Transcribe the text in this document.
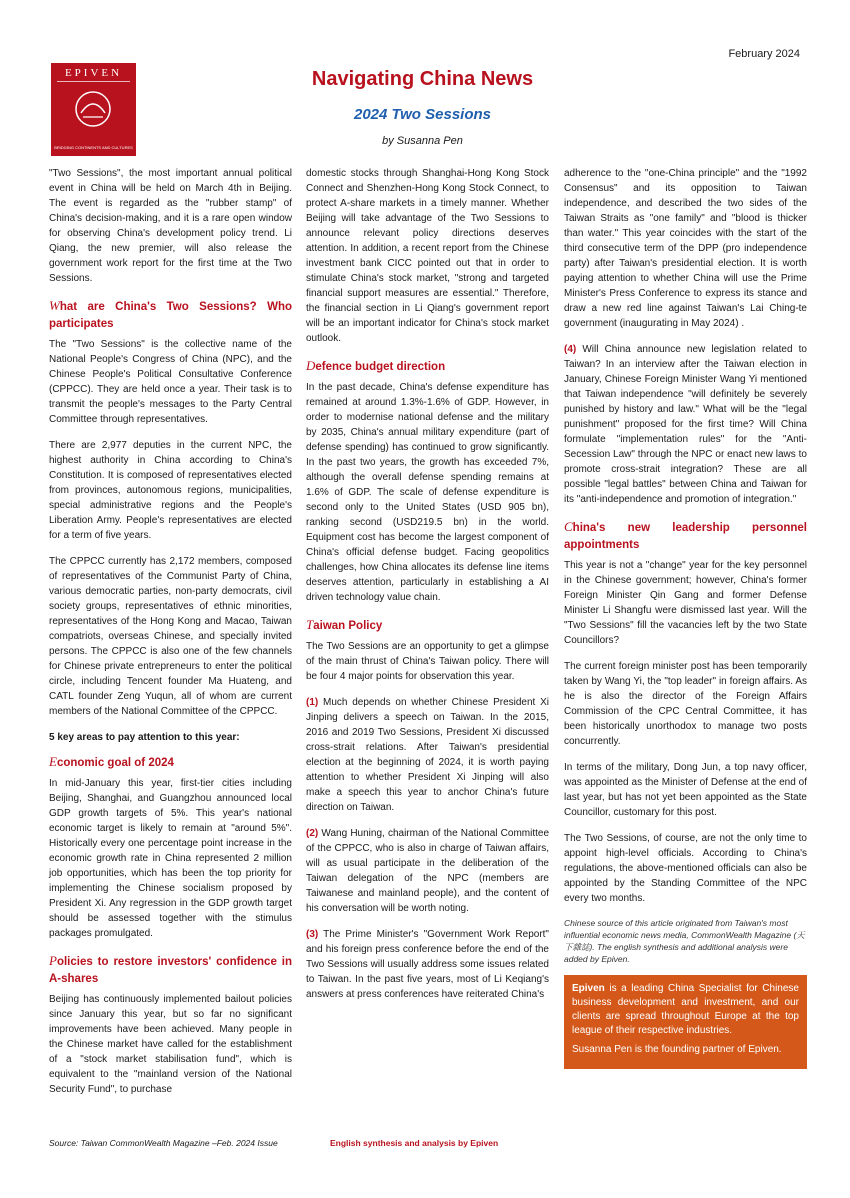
February 2024
EPIVEN
BRIDGING CONTINENTS AND CULTURES
Navigating China News
2024 Two Sessions
by Susanna Pen

"Two Sessions", the most important annual political event in China will be held on March 4th in Beijing. The event is regarded as the "rubber stamp" of China's decision-making, and it is a rare open window for observing China's development policy trend. Li Qiang, the new premier, will also release the government work report for the first time at the Two Sessions.

What are China's Two Sessions? Who participates

The "Two Sessions" is the collective name of the National People's Congress of China (NPC), and the Chinese People's Political Consultative Conference (CPPCC). They are held once a year. Their task is to transmit the people's messages to the Party Central Committee through representatives.

There are 2,977 deputies in the current NPC, the highest authority in China according to China's Constitution. It is composed of representatives elected from provinces, autonomous regions, municipalities, special administrative regions and the People's Liberation Army. People's representatives are elected for a term of five years.

The CPPCC currently has 2,172 members, composed of representatives of the Communist Party of China, various democratic parties, non-party democrats, civil society groups, representatives of ethnic minorities, representatives of the Hong Kong and Macao, Taiwan compatriots, overseas Chinese, and specially invited persons. The CPPCC is also one of the few channels for Chinese private entrepreneurs to enter the political circle, including Tencent founder Ma Huateng, and CATL founder Zeng Yuqun, all of whom are current members of the National Committee of the CPPCC.

5 key areas to pay attention to this year:
Economic goal of 2024

In mid-January this year, first-tier cities including Beijing, Shanghai, and Guangzhou announced local GDP growth targets of 5%. This year's national economic target is likely to remain at "around 5%". Historically every one percentage point increase in the economic growth rate in China represented 2 million job opportunities, which has been the top priority for implementing the Chinese socialism proposed by President Xi. Any regression in the GDP growth target should be assessed together with the stimulus packages promulgated.

Policies to restore investors' confidence in A-shares

Beijing has continuously implemented bailout policies since January this year, but so far no significant improvements have been achieved. Many people in the Chinese market have called for the establishment of a "stock market stabilisation fund", which is equivalent to the "mainland version of the National Security Fund", to purchase

domestic stocks through Shanghai-Hong Kong Stock Connect and Shenzhen-Hong Kong Stock Connect, to protect A-share markets in a timely manner. Whether Beijing will take advantage of the Two Sessions to announce relevant policy directions deserves attention. In addition, a recent report from the Chinese investment bank CICC pointed out that in order to stimulate China's stock market, "strong and targeted financial support measures are essential." Therefore, the financial section in Li Qiang's government report will be an important indicator for China's stock market outlook.

Defence budget direction

In the past decade, China's defense expenditure has remained at around 1.3%-1.6% of GDP. However, in order to modernise national defense and the military by 2035, China's annual military expenditure (part of defense spending) has continued to grow significantly. In the past two years, the growth has exceeded 7%, although the overall defense spending remains at 1.6% of GDP. The scale of defense expenditure is second only to the United States (USD 905 bn), ranking second (USD219.5 bn) in the world. Equipment cost has become the largest component of China's official defense budget. Facing geopolitics challenges, how China allocates its defense line items deserves attention, particularly in establishing a AI driven technology value chain.

Taiwan Policy

The Two Sessions are an opportunity to get a glimpse of the main thrust of China's Taiwan policy. There will be four 4 major points for observation this year.

(1) Much depends on whether Chinese President Xi Jinping delivers a speech on Taiwan. In the 2015, 2016 and 2019 Two Sessions, President Xi discussed cross-strait relations. After Taiwan's presidential election at the beginning of 2024, it is worth paying attention to whether President Xi Jinping will also make a speech this year to anchor China's future direction on Taiwan.

(2) Wang Huning, chairman of the National Committee of the CPPCC, who is also in charge of Taiwan affairs, will as usual participate in the deliberation of the Taiwan delegation of the NPC (members are Taiwanese and mainland people), and the content of his conversation will be worth noting.

(3) The Prime Minister's "Government Work Report" and his foreign press conference before the end of the Two Sessions will usually address some issues related to Taiwan. In the past five years, most of Li Keqiang's answers at press conferences have reiterated China's

adherence to the "one-China principle" and the "1992 Consensus" and its opposition to Taiwan independence, and described the two sides of the Taiwan Straits as "one family" and "blood is thicker than water." This year coincides with the start of the third consecutive term of the DPP (pro independence party) after Taiwan's presidential election. It is worth paying attention to whether China will use the Prime Minister's Press Conference to express its stance and draw a new red line against Taiwan's Lai Ching-te government (inaugurating in May 2024) .

(4) Will China announce new legislation related to Taiwan? In an interview after the Taiwan election in January, Chinese Foreign Minister Wang Yi mentioned that Taiwan independence "will definitely be severely punished by history and law." What will be the "legal punishment" proposed for the first time? Will China formulate "implementation rules" for the "Anti-Secession Law" through the NPC or enact new laws to promote cross-strait integration? These are all possible "legal battles" between China and Taiwan for its "anti-independence and promotion of integration."

China's new leadership personnel appointments

This year is not a "change" year for the key personnel in the Chinese government; however, China's former Foreign Minister Qin Gang and former Defense Minister Li Shangfu were dismissed last year. Will the "Two Sessions" fill the vacancies left by the two State Councillors?

The current foreign minister post has been temporarily taken by Wang Yi, the "top leader" in foreign affairs. As he is also the director of the Foreign Affairs Commission of the CPC Central Committee, it has been historically unorthodox to manage two posts concurrently.

In terms of the military, Dong Jun, a top navy officer, was appointed as the Minister of Defense at the end of last year, but has not yet been appointed as the State Councillor, customary for this post.

The Two Sessions, of course, are not the only time to appoint high-level officials. According to China's regulations, the above-mentioned officials can also be appointed by the Standing Committee of the NPC every two months.

Chinese source of this article originated from Taiwan's most influential economic news media, CommonWealth Magazine (天下雜誌). The english synthesis and additional analysis were added by Epiven.

Epiven is a leading China Specialist for Chinese business development and investment, and our clients are spread throughout Europe at the top league of their respective industries.

Susanna Pen is the founding partner of Epiven.

Source: Taiwan CommonWealth Magazine –Feb. 2024 Issue	English synthesis and analysis by Epiven
